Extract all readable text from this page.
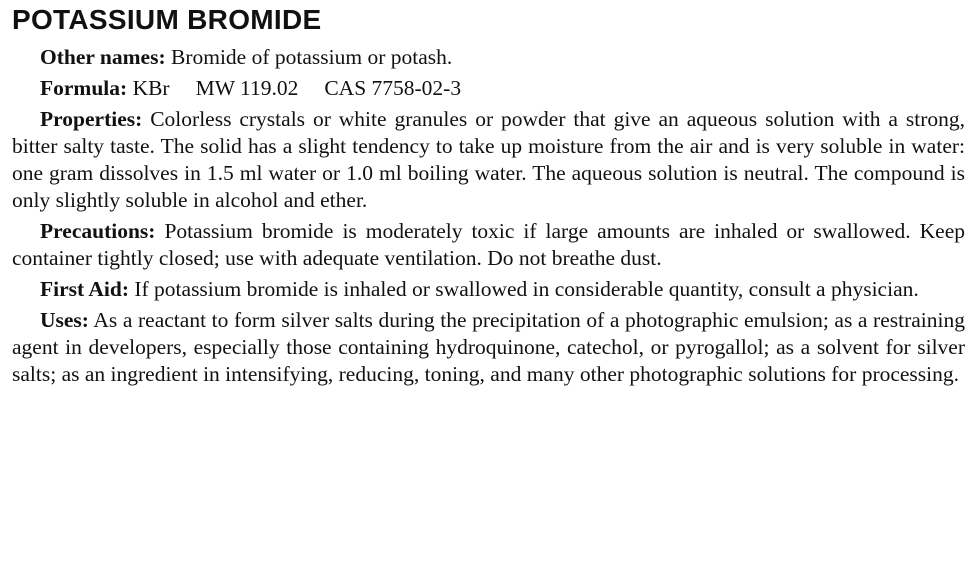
POTASSIUM BROMIDE

Other names: Bromide of potassium or potash.

Formula: KBr MW 119.02 CAS 7758-02-3

Properties: Colorless crystals or white granules or powder that give an aqueous solution with a strong, bitter salty taste. The solid has a slight tendency to take up moisture from the air and is very soluble in water: one gram dissolves in 1.5 ml water or 1.0 ml boiling water. The aqueous solution is neutral. The compound is only slightly soluble in alcohol and ether.

Precautions: Potassium bromide is moderately toxic if large amounts are inhaled or swallowed. Keep container tightly closed; use with adequate ventilation. Do not breathe dust.

First Aid: If potassium bromide is inhaled or swallowed in considerable quantity, consult a physician.

Uses: As a reactant to form silver salts during the precipitation of a photographic emulsion; as a restraining agent in developers, especially those containing hydroquinone, catechol, or pyrogallol; as a solvent for silver salts; as an ingredient in intensifying, reducing, toning, and many other photographic solutions for processing.
